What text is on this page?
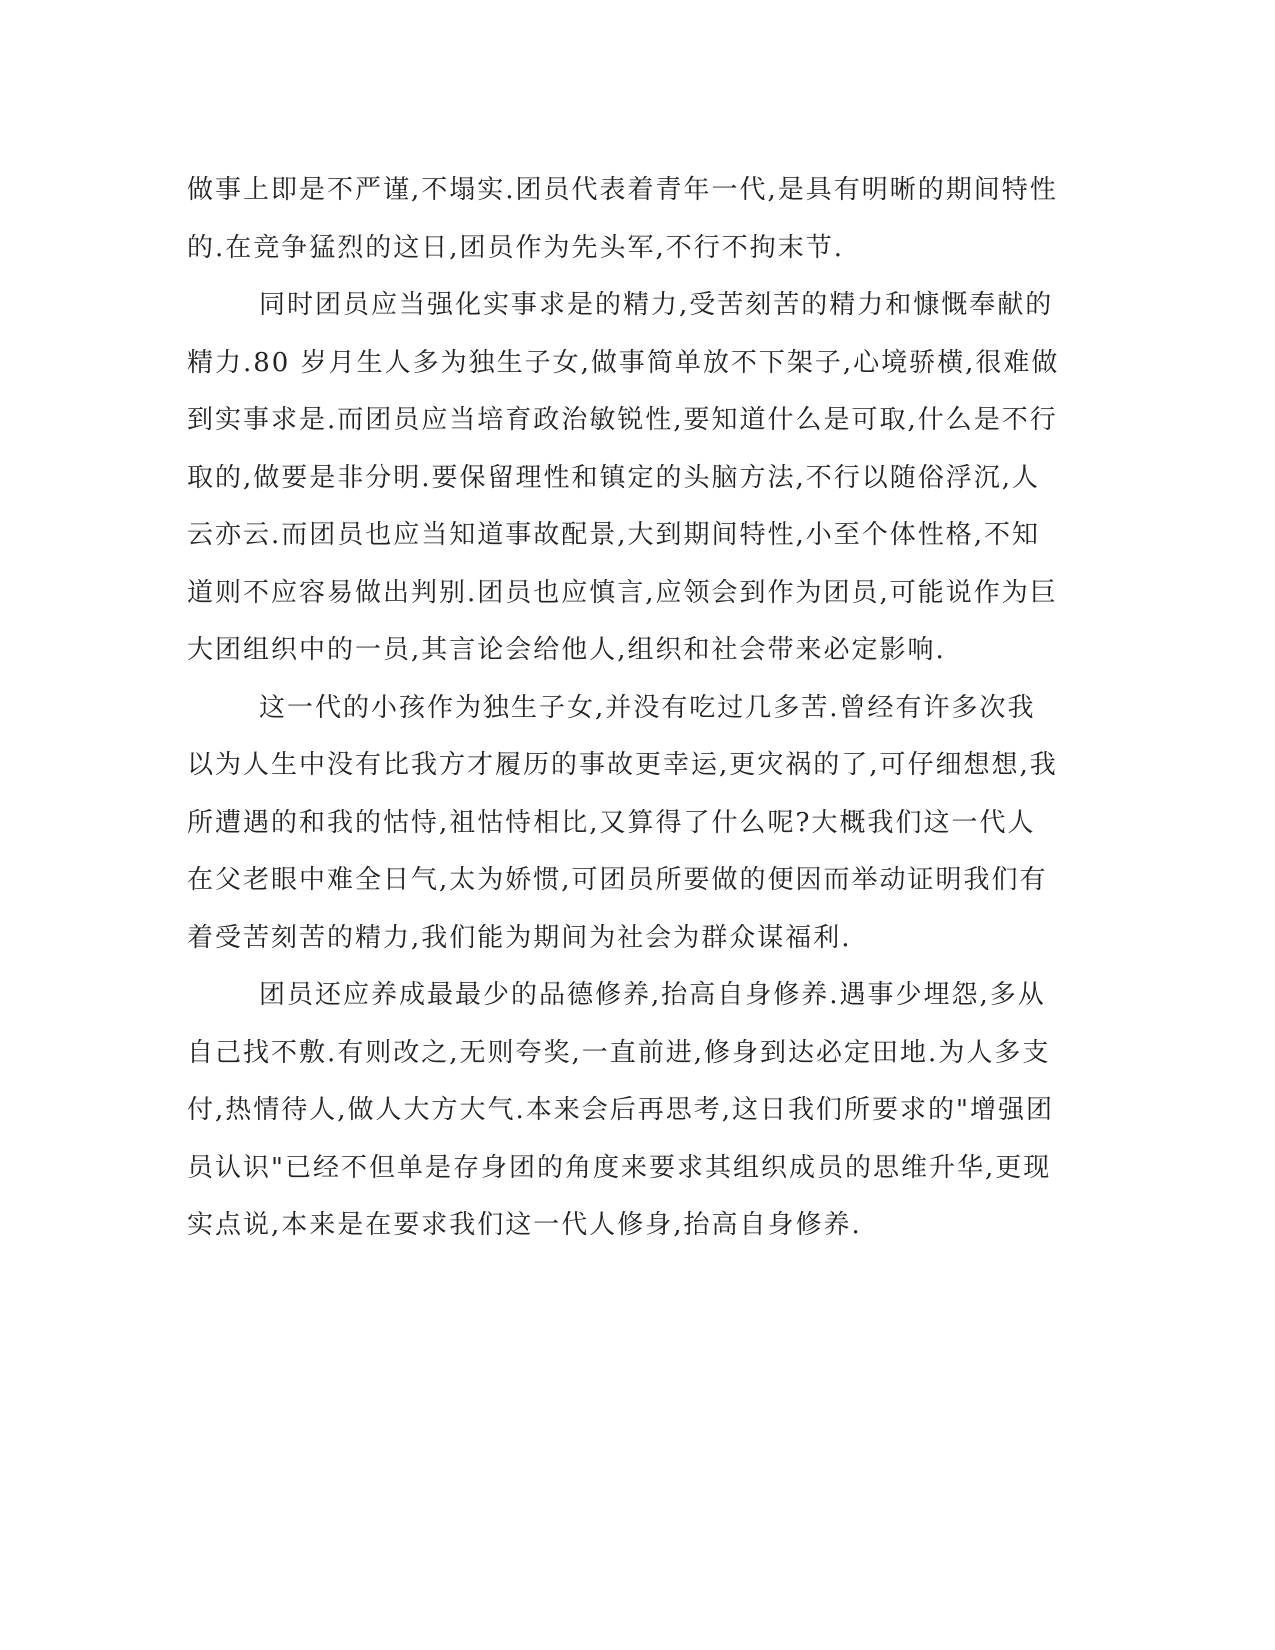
做事上即是不严谨,不塌实.团员代表着青年一代,是具有明晰的期间特性
的.在竞争猛烈的这日,团员作为先头军,不行不拘末节.
同时团员应当强化实事求是的精力,受苦刻苦的精力和慷慨奉献的
精力.80 岁月生人多为独生子女,做事简单放不下架子,心境骄横,很难做
到实事求是.而团员应当培育政治敏锐性,要知道什么是可取,什么是不行
取的,做要是非分明.要保留理性和镇定的头脑方法,不行以随俗浮沉,人
云亦云.而团员也应当知道事故配景,大到期间特性,小至个体性格,不知
道则不应容易做出判别.团员也应慎言,应领会到作为团员,可能说作为巨
大团组织中的一员,其言论会给他人,组织和社会带来必定影响.
这一代的小孩作为独生子女,并没有吃过几多苦.曾经有许多次我
以为人生中没有比我方才履历的事故更幸运,更灾祸的了,可仔细想想,我
所遭遇的和我的怙恃,祖怙恃相比,又算得了什么呢?大概我们这一代人
在父老眼中难全日气,太为娇惯,可团员所要做的便因而举动证明我们有
着受苦刻苦的精力,我们能为期间为社会为群众谋福利.
团员还应养成最最少的品德修养,抬高自身修养.遇事少埋怨,多从
自己找不敷.有则改之,无则夸奖,一直前进,修身到达必定田地.为人多支
付,热情待人,做人大方大气.本来会后再思考,这日我们所要求的"增强团
员认识"已经不但单是存身团的角度来要求其组织成员的思维升华,更现
实点说,本来是在要求我们这一代人修身,抬高自身修养.
